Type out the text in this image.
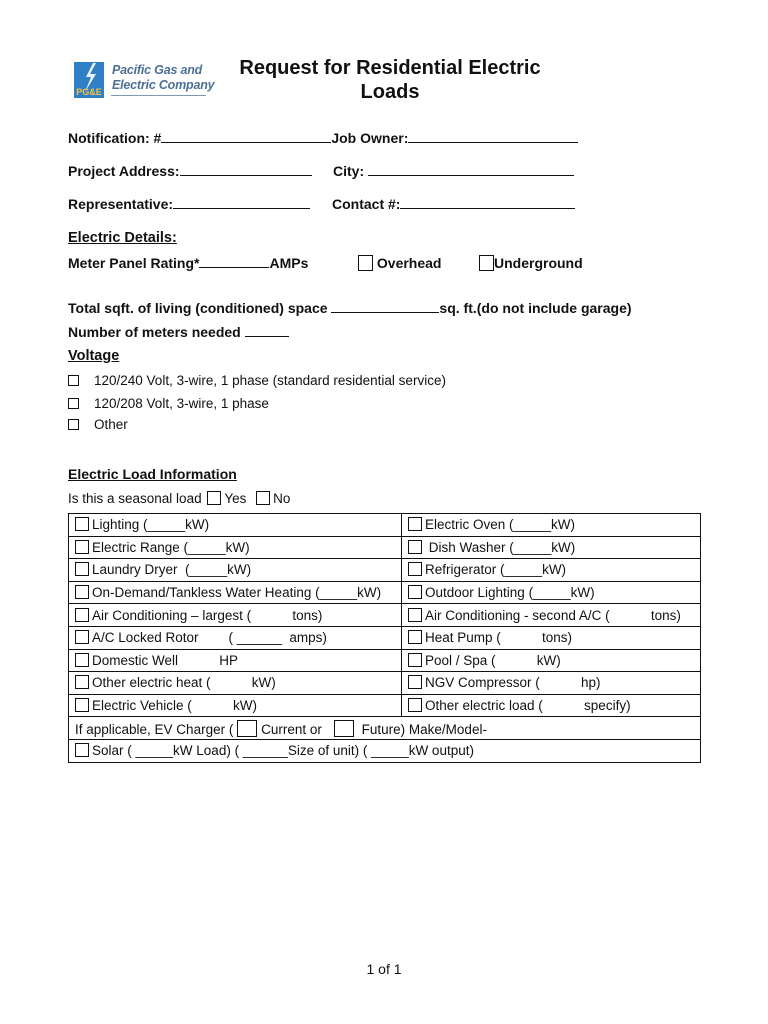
PG&E
Pacific Gas and
Electric Company
Request for Residential Electric
Loads
Notification: #	Job Owner:
Project Address:	City:
Representative:	Contact #:
Electric Details:
Meter Panel Rating*	AMPs	Overhead	Underground
Total sqft. of living (conditioned) space	sq. ft.(do not include garage)
Number of meters needed
Voltage
120/240 Volt, 3-wire, 1 phase (standard residential service)
120/208 Volt, 3-wire, 1 phase
Other
Electric Load Information
Is this a seasonal load Yes No
Lighting (_____kW)	Electric Oven (_____kW)
Electric Range (_____kW)	Dish Washer (_____kW)
Laundry Dryer  (_____kW)	Refrigerator (_____kW)
On-Demand/Tankless Water Heating (_____kW)	Outdoor Lighting (_____kW)
Air Conditioning – largest (           tons)	Air Conditioning - second A/C (           tons)
A/C Locked Rotor        ( ______  amps)	Heat Pump (           tons)
Domestic Well           HP	Pool / Spa (           kW)
Other electric heat (           kW)	NGV Compressor (           hp)
Electric Vehicle (           kW)	Other electric load (           specify)
If applicable, EV Charger ( Current or Future) Make/Model-	
Solar ( _____kW Load) ( ______Size of unit) ( _____kW output)	
1 of 1
